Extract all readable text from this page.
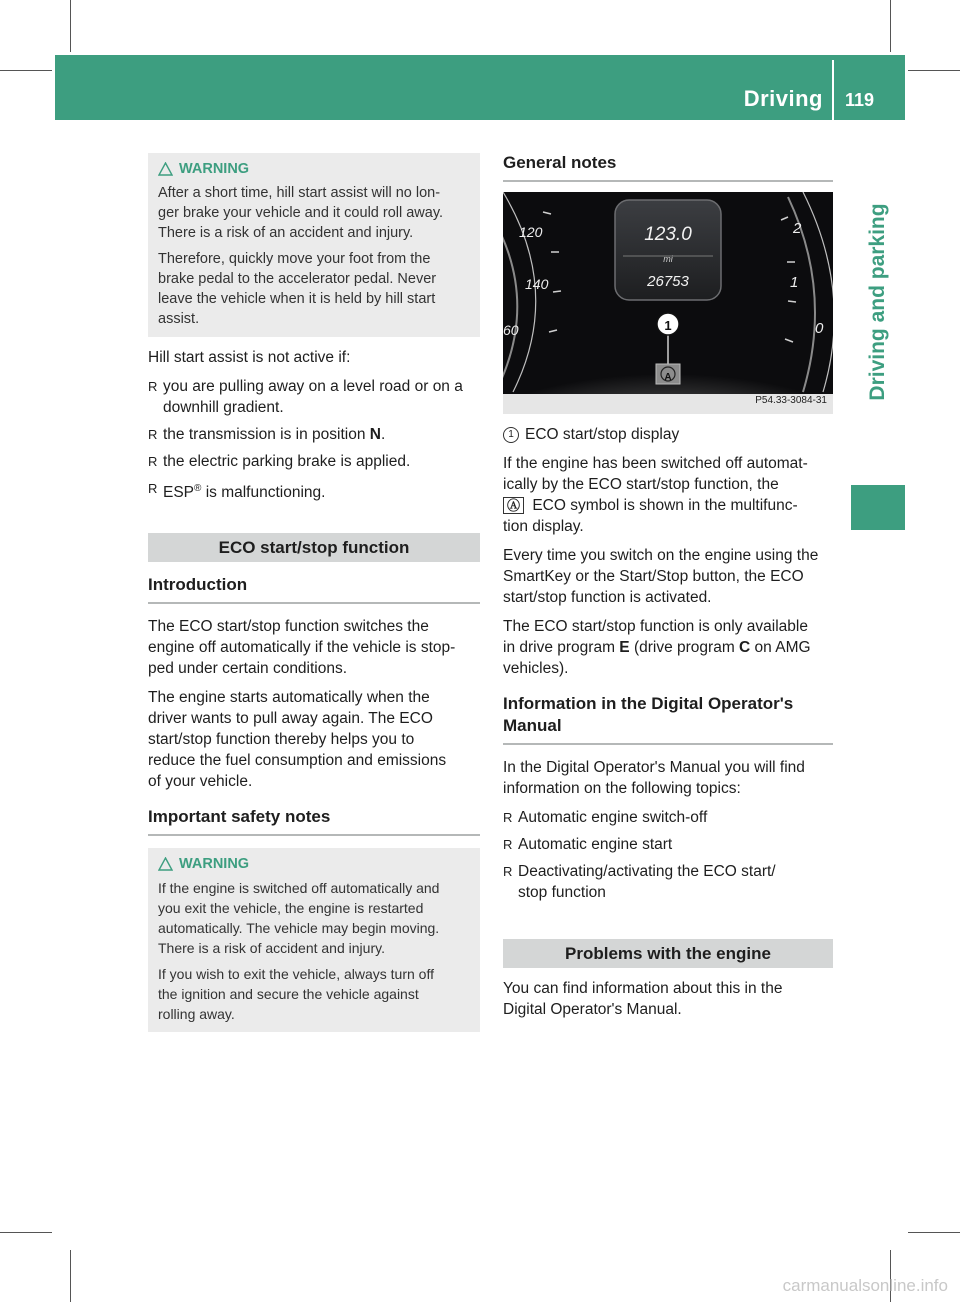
Driving 119
Driving and parking
WARNING

After a short time, hill start assist will no lon-
ger brake your vehicle and it could roll away.
There is a risk of an accident and injury.

Therefore, quickly move your foot from the
brake pedal to the accelerator pedal. Never
leave the vehicle when it is held by hill start
assist.

Hill start assist is not active if:

R you are pulling away on a level road or on a
downhill gradient.
R the transmission is in position N.
R the electric parking brake is applied.
R ESP® is malfunctioning.
ECO start/stop function
Introduction

The ECO start/stop function switches the
engine off automatically if the vehicle is stop-
ped under certain conditions.

The engine starts automatically when the
driver wants to pull away again. The ECO
start/stop function thereby helps you to
reduce the fuel consumption and emissions
of your vehicle.

Important safety notes
WARNING

If the engine is switched off automatically and
you exit the vehicle, the engine is restarted
automatically. The vehicle may begin moving.
There is a risk of accident and injury.

If you wish to exit the vehicle, always turn off
the ignition and secure the vehicle against
rolling away.

General notes
120
140
60
2
1
0
123.0
mi
26753
1
A
P54.33-3084-31

1 ECO start/stop display

If the engine has been switched off automat-
ically by the ECO start/stop function, the
Ⓐ ECO symbol is shown in the multifunc-
tion display.

Every time you switch on the engine using the
SmartKey or the Start/Stop button, the ECO
start/stop function is activated.

The ECO start/stop function is only available
in drive program E (drive program C on AMG
vehicles).

Information in the Digital Operator's
Manual

In the Digital Operator's Manual you will find
information on the following topics:

R Automatic engine switch-off
R Automatic engine start
R Deactivating/activating the ECO start/
stop function
Problems with the engine

You can find information about this in the
Digital Operator's Manual.

carmanualsonline.info
